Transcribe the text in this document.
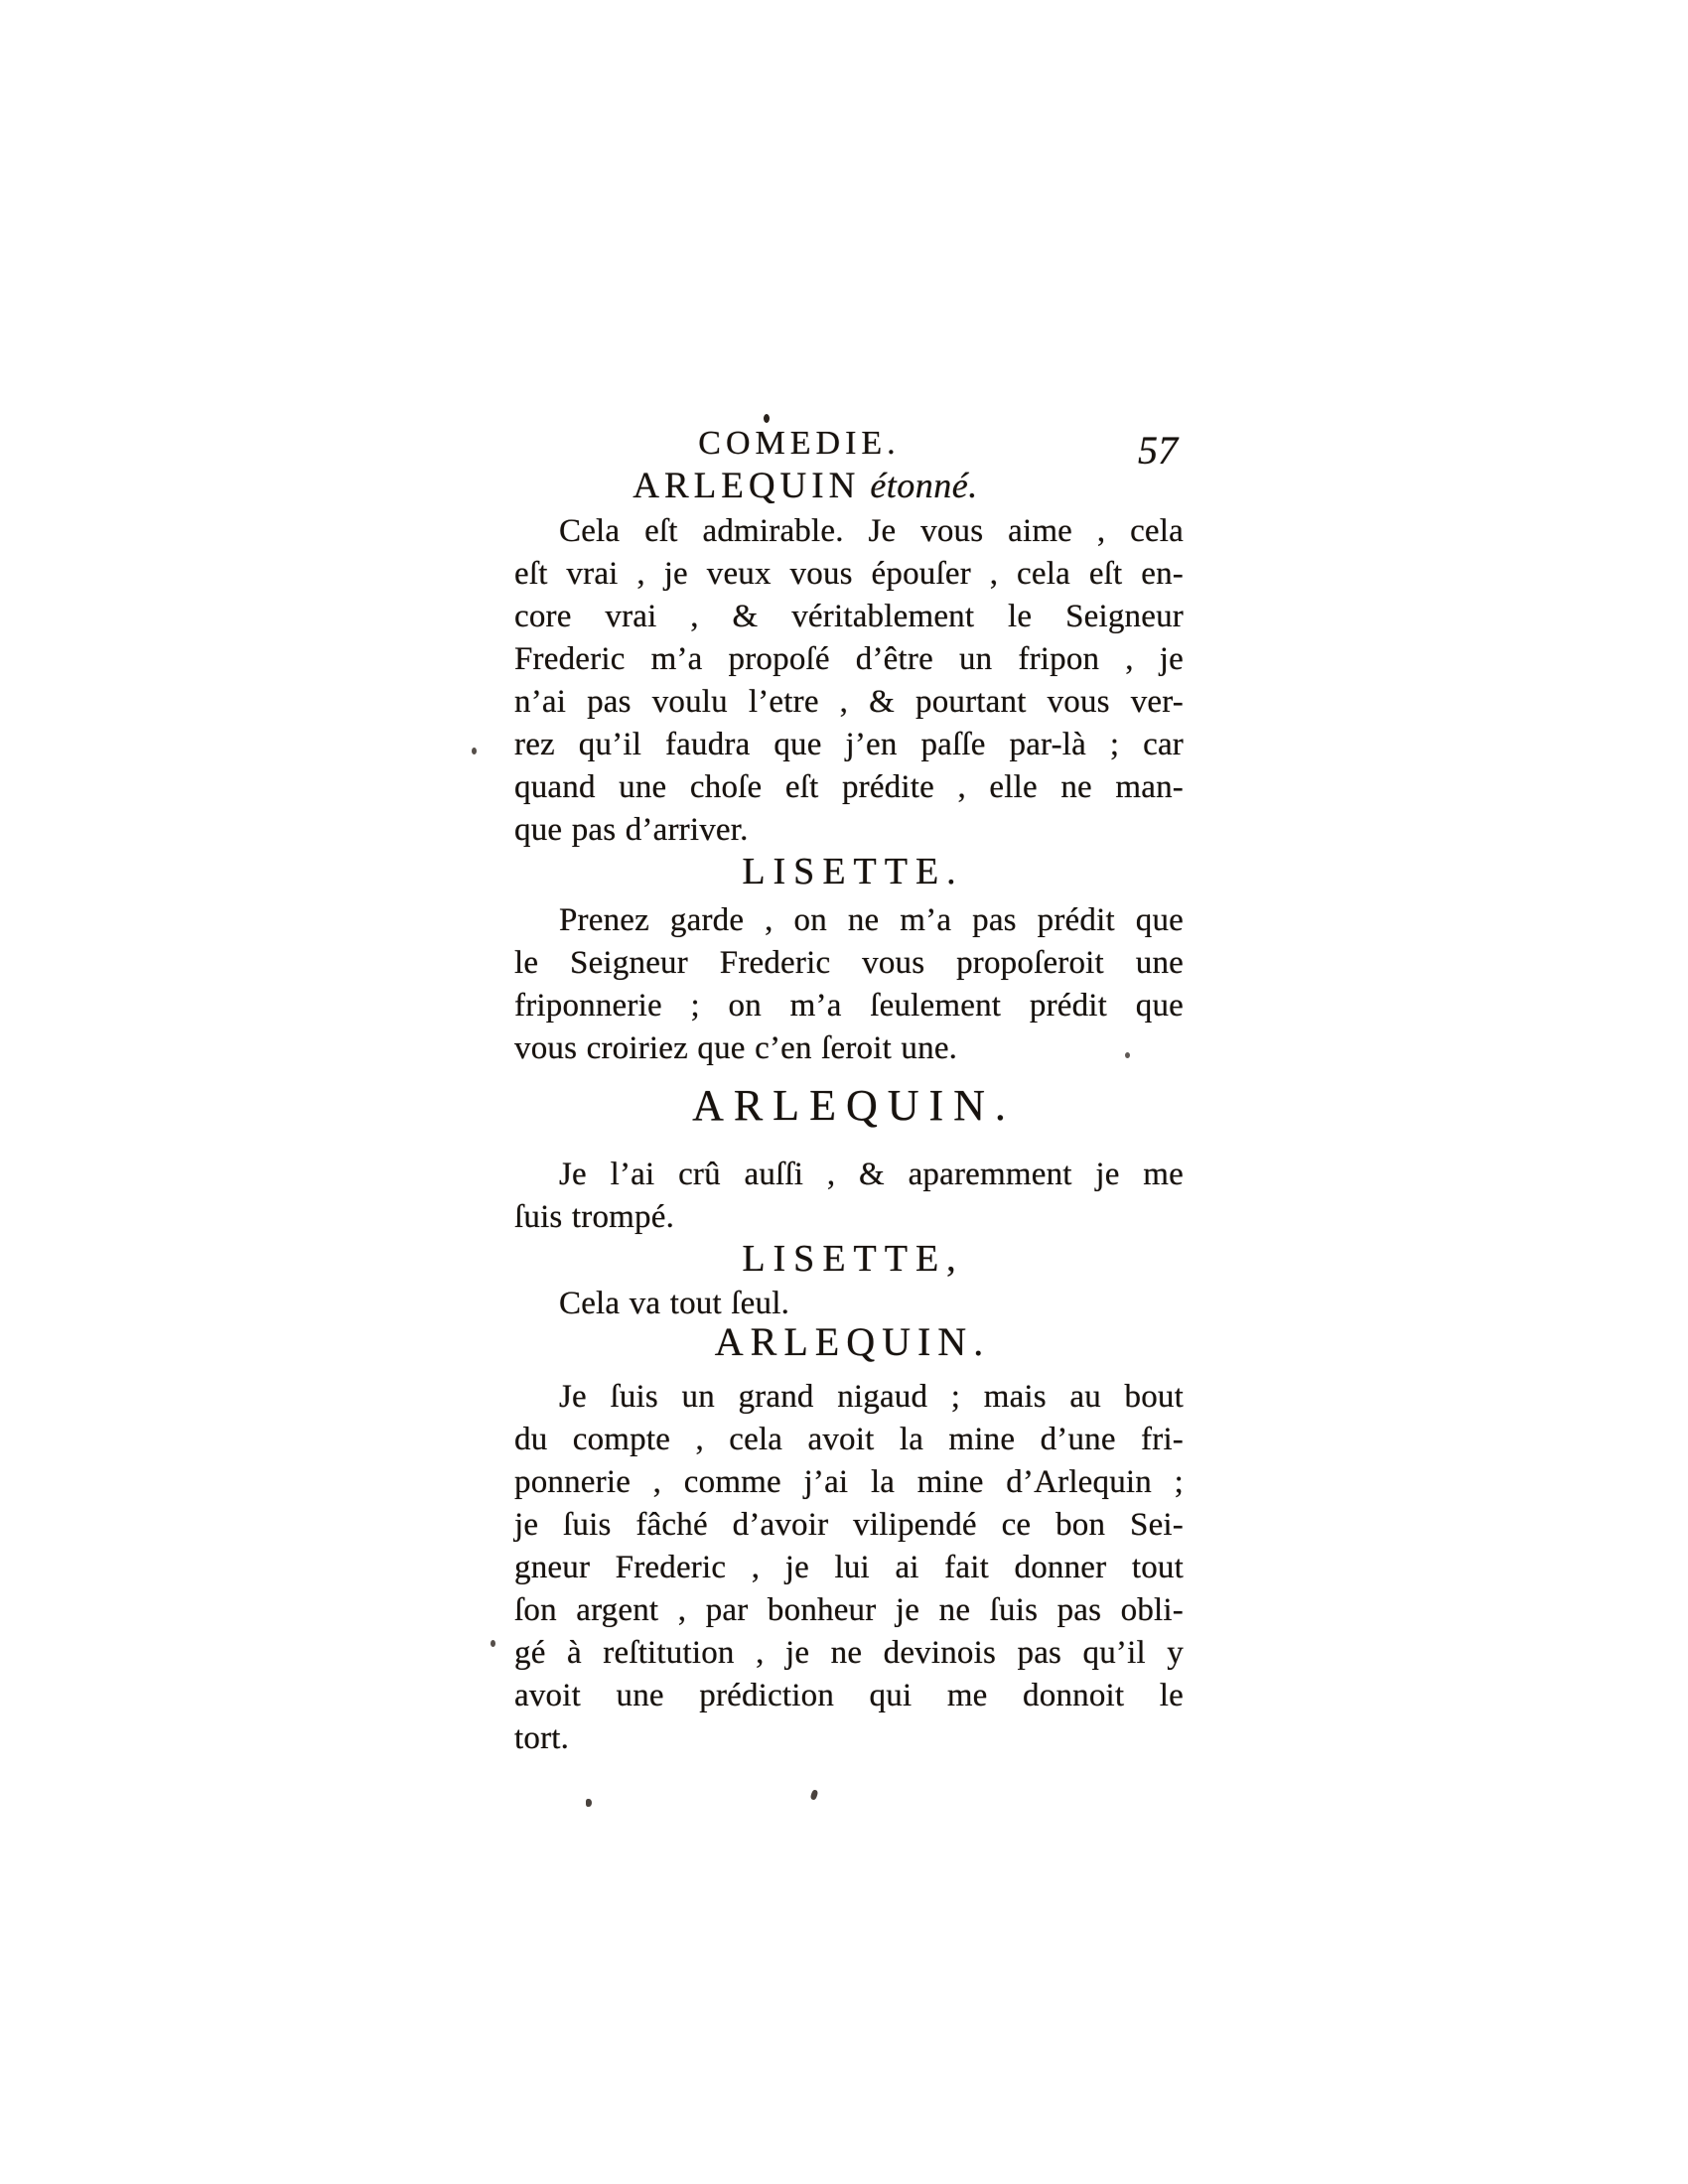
COMEDIE.	57
ARLEQUIN étonné.
Cela eſt admirable. Je vous aime , cela
eſt vrai , je veux vous épouſer , cela eſt en-
core vrai , & véritablement le Seigneur
Frederic m’a propoſé d’être un fripon , je
n’ai pas voulu l’etre , & pourtant vous ver-
rez qu’il faudra que j’en paſſe par-là ; car
quand une choſe eſt prédite , elle ne man-
que pas d’arriver.
LISETTE.
Prenez garde , on ne m’a pas prédit que
le Seigneur Frederic vous propoſeroit une
friponnerie ; on m’a ſeulement prédit que
vous croiriez que c’en ſeroit une.
ARLEQUIN.
Je l’ai crû auſſi , & aparemment je me
ſuis trompé.
LISETTE,
Cela va tout ſeul.
ARLEQUIN.
Je ſuis un grand nigaud ; mais au bout
du compte , cela avoit la mine d’une fri-
ponnerie , comme j’ai la mine d’Arlequin ;
je ſuis fâché d’avoir vilipendé ce bon Sei-
gneur Frederic , je lui ai fait donner tout
ſon argent , par bonheur je ne ſuis pas obli-
gé à reſtitution , je ne devinois pas qu’il y
avoit une prédiction qui me donnoit le
tort.
